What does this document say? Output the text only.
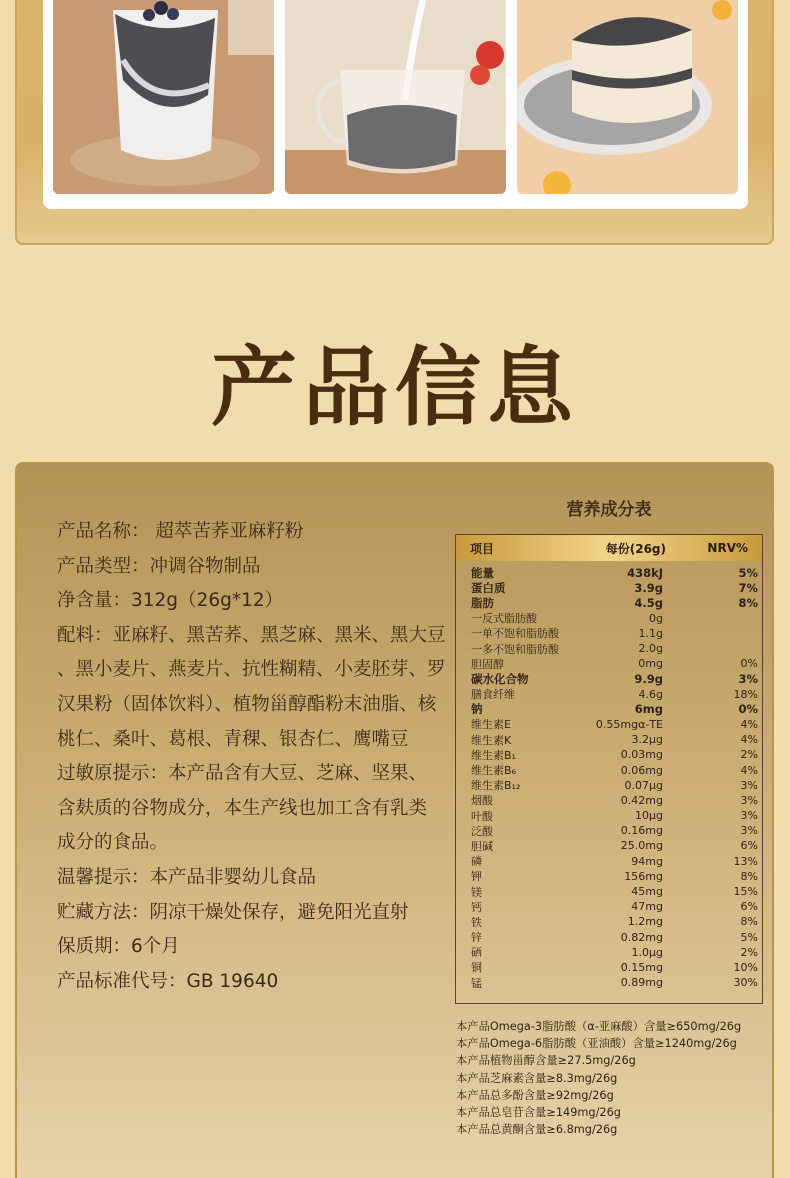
产品信息

产品名称： 超萃苦荞亚麻籽粉

产品类型：冲调谷物制品

净含量：312g（26g*12）

配料：亚麻籽、黑苦荞、黑芝麻、黑米、黑大豆

、黑小麦片、燕麦片、抗性糊精、小麦胚芽、罗

汉果粉（固体饮料）、植物甾醇酯粉末油脂、核

桃仁、桑叶、葛根、青稞、银杏仁、鹰嘴豆

过敏原提示：本产品含有大豆、芝麻、坚果、

含麸质的谷物成分，本生产线也加工含有乳类

成分的食品。

温馨提示：本产品非婴幼儿食品

贮藏方法：阴凉干燥处保存，避免阳光直射

保质期：6个月

产品标准代号：GB 19640

营养成分表
项目	每份(26g)	NRV%
能量	438kJ	5%
蛋白质	3.9g	7%
脂肪	4.5g	8%
一反式脂肪酸	0g
一单不饱和脂肪酸	1.1g
一多不饱和脂肪酸	2.0g
胆固醇	0mg	0%
碳水化合物	9.9g	3%
膳食纤维	4.6g	18%
钠	6mg	0%
维生素E	0.55mgα-TE	4%
维生素K	3.2μg	4%
维生素B₁	0.03mg	2%
维生素B₆	0.06mg	4%
维生素B₁₂	0.07μg	3%
烟酸	0.42mg	3%
叶酸	10μg	3%
泛酸	0.16mg	3%
胆碱	25.0mg	6%
磷	94mg	13%
钾	156mg	8%
镁	45mg	15%
钙	47mg	6%
铁	1.2mg	8%
锌	0.82mg	5%
硒	1.0μg	2%
铜	0.15mg	10%
锰	0.89mg	30%

本产品Omega-3脂肪酸（α-亚麻酸）含量≥650mg/26g

本产品Omega-6脂肪酸（亚油酸）含量≥1240mg/26g

本产品植物甾醇含量≥27.5mg/26g

本产品芝麻素含量≥8.3mg/26g

本产品总多酚含量≥92mg/26g

本产品总皂苷含量≥149mg/26g

本产品总黄酮含量≥6.8mg/26g
